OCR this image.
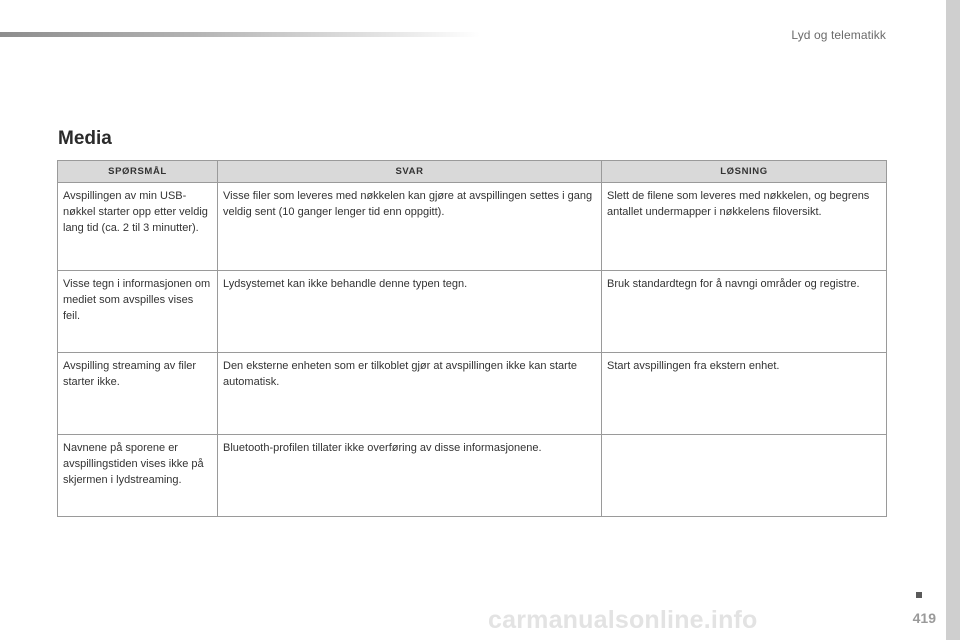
Lyd og telematikk
Media
SPØRSMÅL	SVAR	LØSNING
Avspillingen av min USB-nøkkel starter opp etter veldig lang tid (ca. 2 til 3 minutter).	Visse filer som leveres med nøkkelen kan gjøre at avspillingen settes i gang veldig sent (10 ganger lenger tid enn oppgitt).	Slett de filene som leveres med nøkkelen, og begrens antallet undermapper i nøkkelens filoversikt.
Visse tegn i informasjonen om mediet som avspilles vises feil.	Lydsystemet kan ikke behandle denne typen tegn.	Bruk standardtegn for å navngi områder og registre.
Avspilling streaming av filer starter ikke.	Den eksterne enheten som er tilkoblet gjør at avspillingen ikke kan starte automatisk.	Start avspillingen fra ekstern enhet.
Navnene på sporene er avspillingstiden vises ikke på skjermen i lydstreaming.	Bluetooth-profilen tillater ikke overføring av disse informasjonene.	
carmanualsonline.info	419
